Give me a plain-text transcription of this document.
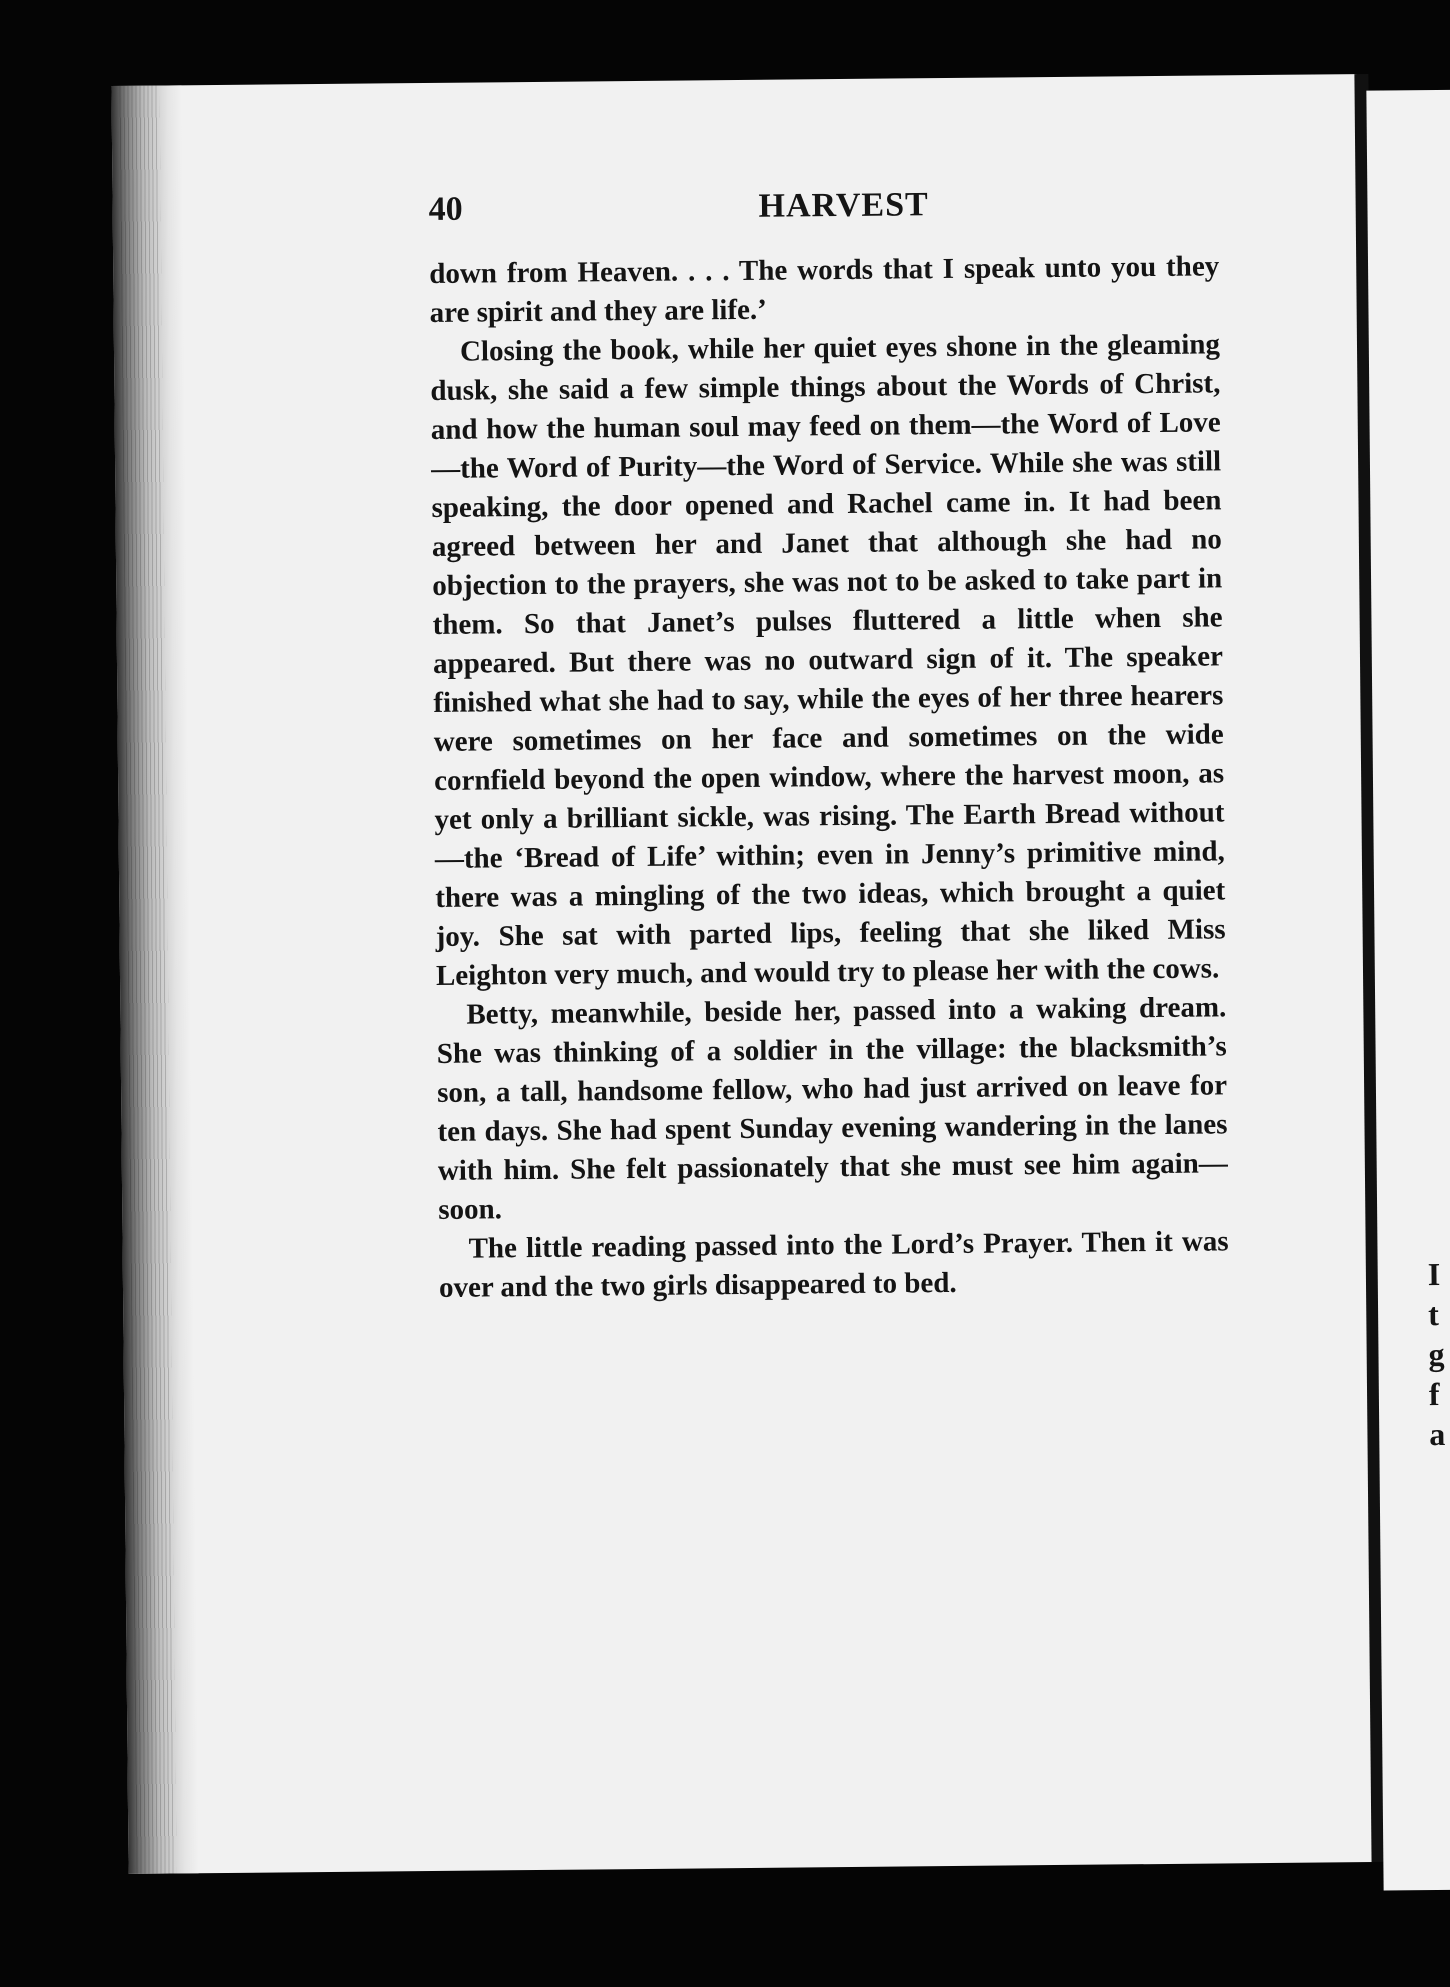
40	HARVEST

down from Heaven. . . . The words that I speak unto you they are spirit and they are life.’

Closing the book, while her quiet eyes shone in the gleaming dusk, she said a few simple things about the Words of Christ, and how the human soul may feed on them—the Word of Love—the Word of Purity—the Word of Service. While she was still speaking, the door opened and Rachel came in. It had been agreed between her and Janet that although she had no objection to the prayers, she was not to be asked to take part in them. So that Janet’s pulses fluttered a little when she appeared. But there was no outward sign of it. The speaker finished what she had to say, while the eyes of her three hearers were sometimes on her face and sometimes on the wide cornfield beyond the open window, where the harvest moon, as yet only a brilliant sickle, was rising. The Earth Bread without—the ‘Bread of Life’ within; even in Jenny’s primitive mind, there was a mingling of the two ideas, which brought a quiet joy. She sat with parted lips, feeling that she liked Miss Leighton very much, and would try to please her with the cows.

Betty, meanwhile, beside her, passed into a waking dream. She was thinking of a soldier in the village: the blacksmith’s son, a tall, handsome fellow, who had just arrived on leave for ten days. She had spent Sunday evening wandering in the lanes with him. She felt passionately that she must see him again—soon.

The little reading passed into the Lord’s Prayer. Then it was over and the two girls disappeared to bed.	I
t
g
f
a
